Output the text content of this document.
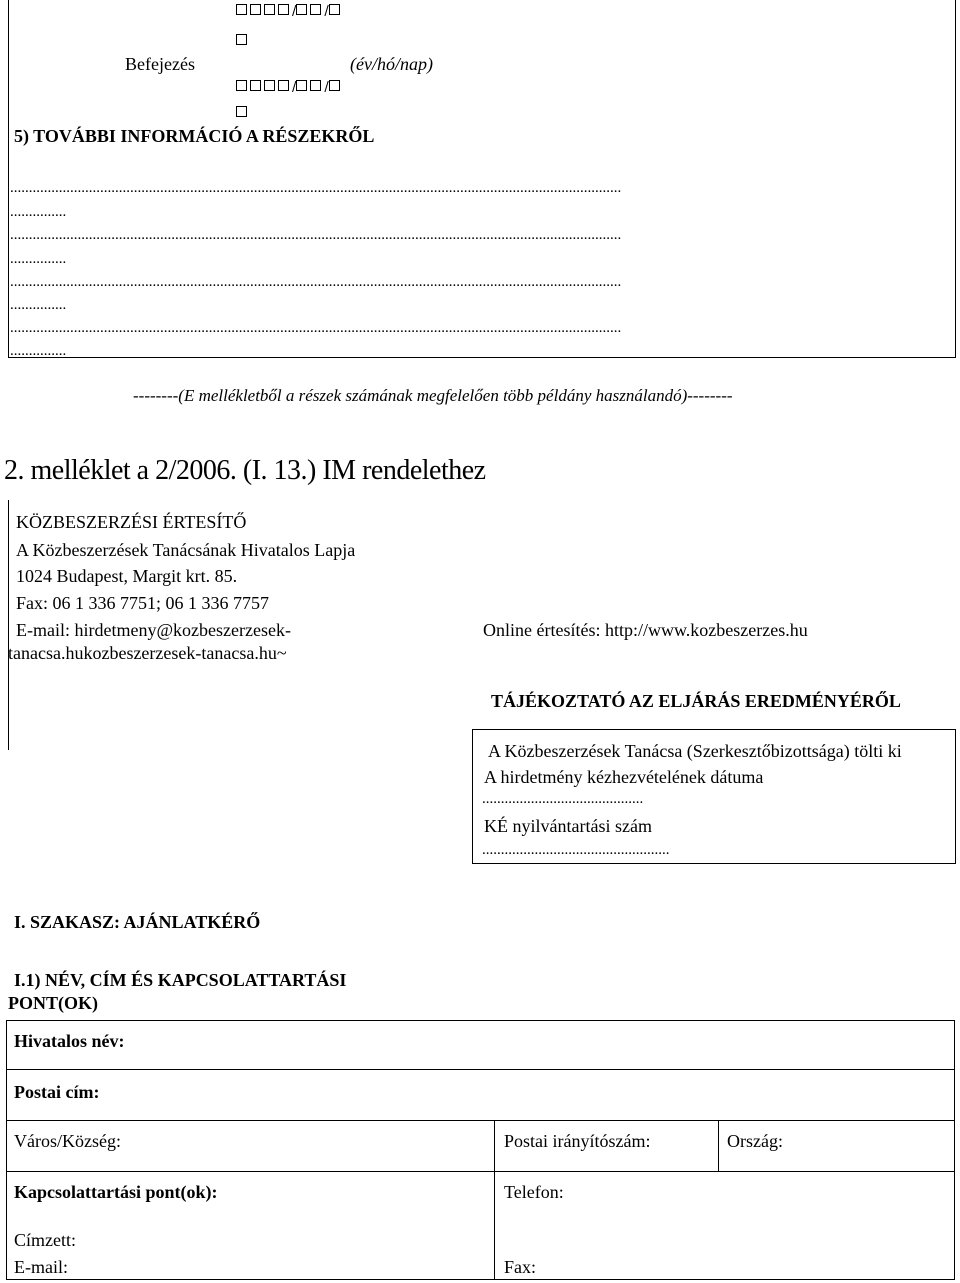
/ /
Befejezés	(év/hó/nap)
/ /
5) TOVÁBBI INFORMÁCIÓ A RÉSZEKRŐL
...................................................................................................................................................................
...............
...................................................................................................................................................................
...............
...................................................................................................................................................................
...............
...................................................................................................................................................................
...............
--------(E mellékletből a részek számának megfelelően több példány használandó)--------
2. melléklet a 2/2006. (I. 13.) IM rendelethez
KÖZBESZERZÉSI ÉRTESÍTŐ
A Közbeszerzések Tanácsának Hivatalos Lapja
1024 Budapest, Margit krt. 85.
Fax: 06 1 336 7751; 06 1 336 7757
E-mail: hirdetmeny@kozbeszerzesek-
tanacsa.hukozbeszerzesek-tanacsa.hu~
Online értesítés: http://www.kozbeszerzes.hu
TÁJÉKOZTATÓ AZ ELJÁRÁS EREDMÉNYÉRŐL
A Közbeszerzések Tanácsa (Szerkesztőbizottsága) tölti ki
A hirdetmény kézhezvételének dátuma
...........................................
KÉ nyilvántartási szám
..................................................
I. SZAKASZ: AJÁNLATKÉRŐ
I.1) NÉV, CÍM ÉS KAPCSOLATTARTÁSI
PONT(OK)
Hivatalos név:
Postai cím:
Város/Község:	Postai irányítószám:	Ország:
Kapcsolattartási pont(ok):	Telefon:
Címzett:
E-mail:	Fax:
